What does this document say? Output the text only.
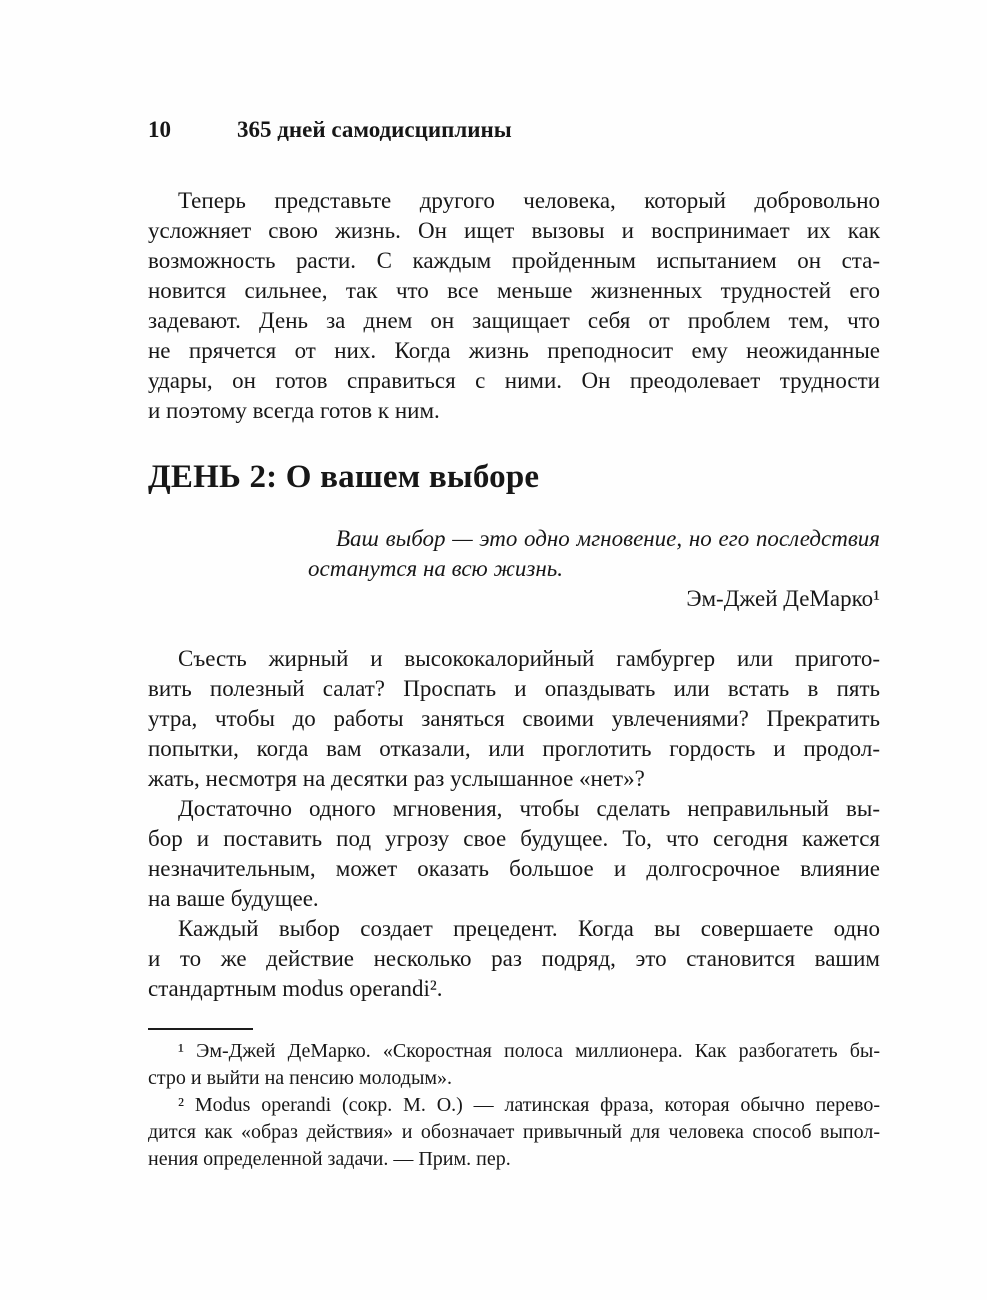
10	365 дней самодисциплины
Теперь представьте другого человека, который добровольно
усложняет свою жизнь. Он ищет вызовы и воспринимает их как
возможность расти. С каждым пройденным испытанием он ста-
новится сильнее, так что все меньше жизненных трудностей его
задевают. День за днем он защищает себя от проблем тем, что
не прячется от них. Когда жизнь преподносит ему неожиданные
удары, он готов справиться с ними. Он преодолевает трудности
и поэтому всегда готов к ним.
ДЕНЬ 2: О вашем выборе
Ваш выбор — это одно мгновение, но его последствия
останутся на всю жизнь.
Эм-Джей ДеМарко¹
Съесть жирный и высококалорийный гамбургер или пригото-
вить полезный салат? Проспать и опаздывать или встать в пять
утра, чтобы до работы заняться своими увлечениями? Прекратить
попытки, когда вам отказали, или проглотить гордость и продол-
жать, несмотря на десятки раз услышанное «нет»?
Достаточно одного мгновения, чтобы сделать неправильный вы-
бор и поставить под угрозу свое будущее. То, что сегодня кажется
незначительным, может оказать большое и долгосрочное влияние
на ваше будущее.
Каждый выбор создает прецедент. Когда вы совершаете одно
и то же действие несколько раз подряд, это становится вашим
стандартным modus operandi².
¹ Эм-Джей ДеМарко. «Скоростная полоса миллионера. Как разбогатеть бы-
стро и выйти на пенсию молодым».
² Modus operandi (сокр. М. О.) — латинская фраза, которая обычно перево-
дится как «образ действия» и обозначает привычный для человека способ выпол-
нения определенной задачи. — Прим. пер.
